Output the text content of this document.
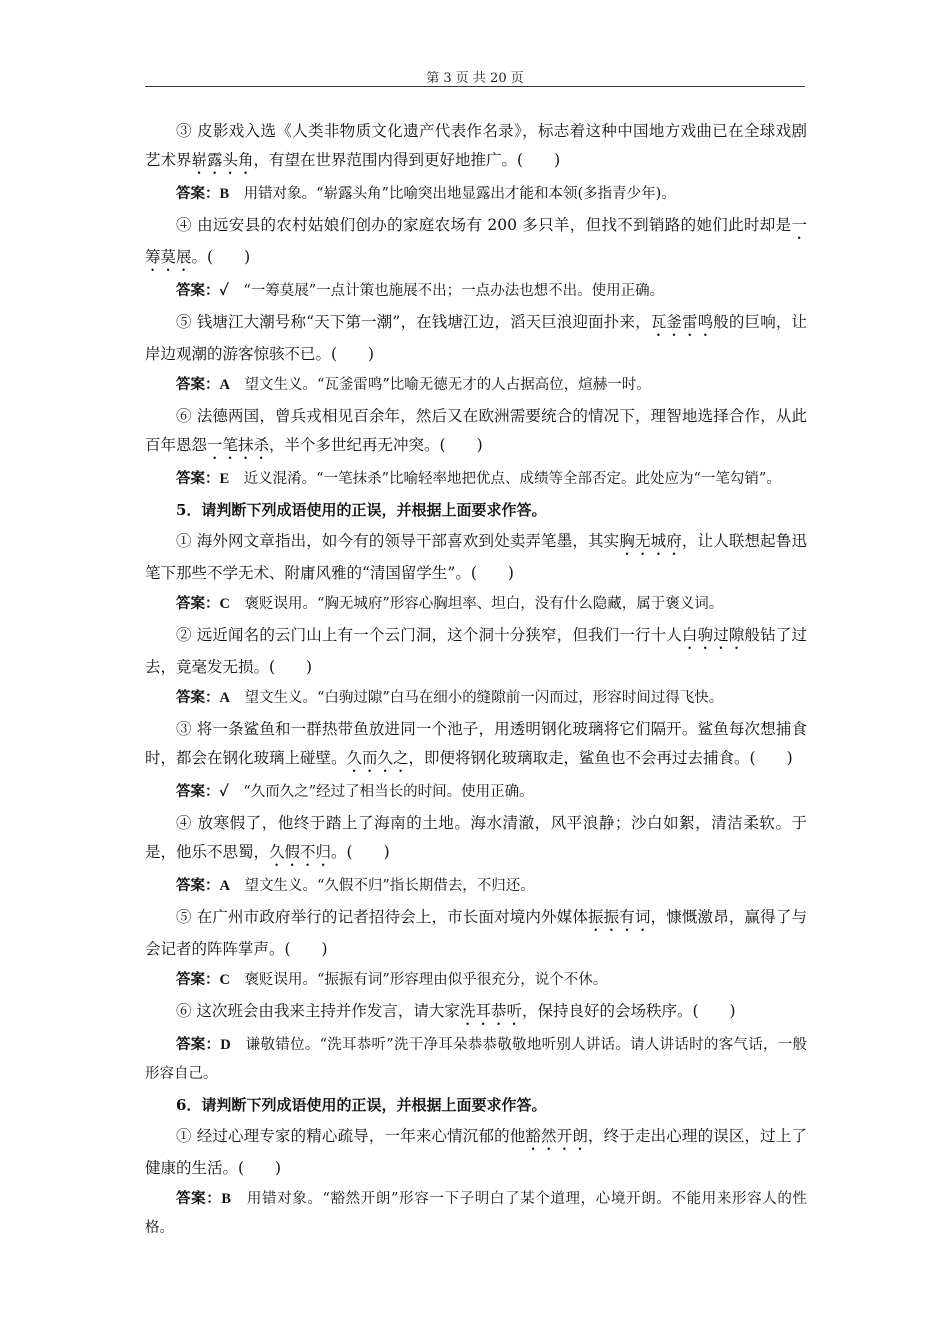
第 3 页 共 20 页

③ 皮影戏入选《人类非物质文化遗产代表作名录》，标志着这种中国地方戏曲已在全球戏剧艺术界崭露头角，有望在世界范围内得到更好地推广。(　　)

答案：B　用错对象。“崭露头角”比喻突出地显露出才能和本领(多指青少年)。

④ 由远安县的农村姑娘们创办的家庭农场有 200 多只羊，但找不到销路的她们此时却是一筹莫展。(　　)

答案：✓　“一筹莫展”一点计策也施展不出；一点办法也想不出。使用正确。

⑤ 钱塘江大潮号称“天下第一潮”，在钱塘江边，滔天巨浪迎面扑来，瓦釜雷鸣般的巨响，让岸边观潮的游客惊骇不已。(　　)

答案：A　望文生义。“瓦釜雷鸣”比喻无德无才的人占据高位，煊赫一时。

⑥ 法德两国，曾兵戎相见百余年，然后又在欧洲需要统合的情况下，理智地选择合作，从此百年恩怨一笔抹杀，半个多世纪再无冲突。(　　)

答案：E　近义混淆。“一笔抹杀”比喻轻率地把优点、成绩等全部否定。此处应为“一笔勾销”。

5．请判断下列成语使用的正误，并根据上面要求作答。

① 海外网文章指出，如今有的领导干部喜欢到处卖弄笔墨，其实胸无城府，让人联想起鲁迅笔下那些不学无术、附庸风雅的“清国留学生”。(　　)

答案：C　褒贬误用。“胸无城府”形容心胸坦率、坦白，没有什么隐藏，属于褒义词。

② 远近闻名的云门山上有一个云门洞，这个洞十分狭窄，但我们一行十人白驹过隙般钻了过去，竟毫发无损。(　　)

答案：A　望文生义。“白驹过隙”白马在细小的缝隙前一闪而过，形容时间过得飞快。

③ 将一条鲨鱼和一群热带鱼放进同一个池子，用透明钢化玻璃将它们隔开。鲨鱼每次想捕食时，都会在钢化玻璃上碰壁。久而久之，即便将钢化玻璃取走，鲨鱼也不会再过去捕食。(　　)

答案：✓　“久而久之”经过了相当长的时间。使用正确。

④ 放寒假了，他终于踏上了海南的土地。海水清澈，风平浪静；沙白如絮，清洁柔软。于是，他乐不思蜀，久假不归。(　　)

答案：A　望文生义。“久假不归”指长期借去，不归还。

⑤ 在广州市政府举行的记者招待会上，市长面对境内外媒体振振有词，慷慨激昂，赢得了与会记者的阵阵掌声。(　　)

答案：C　褒贬误用。“振振有词”形容理由似乎很充分，说个不休。

⑥ 这次班会由我来主持并作发言，请大家洗耳恭听，保持良好的会场秩序。(　　)

答案：D　谦敬错位。“洗耳恭听”洗干净耳朵恭恭敬敬地听别人讲话。请人讲话时的客气话，一般形容自己。

6．请判断下列成语使用的正误，并根据上面要求作答。

① 经过心理专家的精心疏导，一年来心情沉郁的他豁然开朗，终于走出心理的误区，过上了健康的生活。(　　)

答案：B　用错对象。“豁然开朗”形容一下子明白了某个道理，心境开朗。不能用来形容人的性格。
